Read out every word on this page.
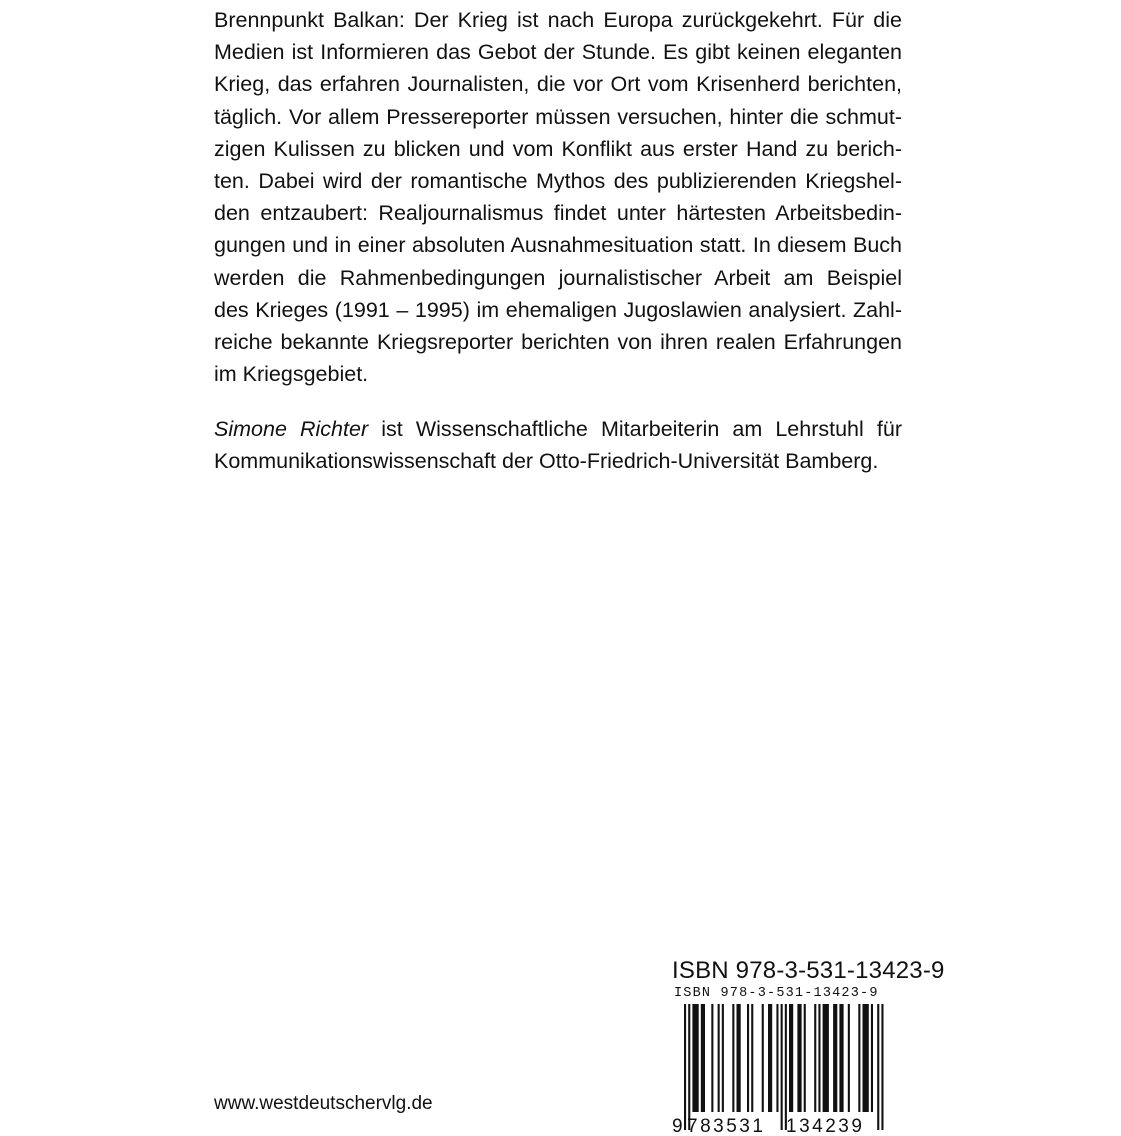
Brennpunkt Balkan: Der Krieg ist nach Europa zurückgekehrt. Für die
Medien ist Informieren das Gebot der Stunde. Es gibt keinen eleganten
Krieg, das erfahren Journalisten, die vor Ort vom Krisenherd berichten,
täglich. Vor allem Pressereporter müssen versuchen, hinter die schmut-
zigen Kulissen zu blicken und vom Konflikt aus erster Hand zu berich-
ten. Dabei wird der romantische Mythos des publizierenden Kriegshel-
den entzaubert: Realjournalismus findet unter härtesten Arbeitsbedin-
gungen und in einer absoluten Ausnahmesituation statt. In diesem Buch
werden die Rahmenbedingungen journalistischer Arbeit am Beispiel
des Krieges (1991 – 1995) im ehemaligen Jugoslawien analysiert. Zahl-
reiche bekannte Kriegsreporter berichten von ihren realen Erfahrungen
im Kriegsgebiet.
Simone Richter ist Wissenschaftliche Mitarbeiterin am Lehrstuhl für
Kommunikationswissenschaft der Otto-Friedrich-Universität Bamberg.
ISBN 978-3-531-13423-9
ISBN 978-3-531-13423-9
9 783531 134239
www.westdeutschervlg.de
